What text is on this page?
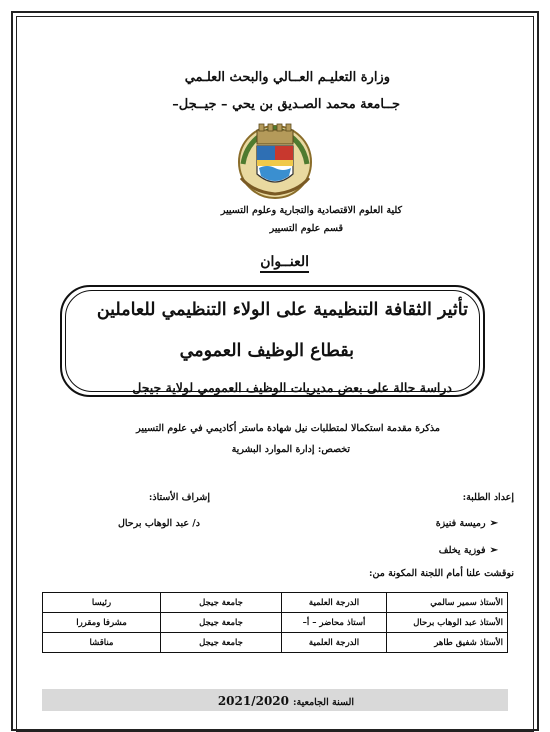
وزارة التعليـم العــالي والبحث العلـمي
جــامعة محمد الصـديق بن يحي – جيــجل–
كلية العلوم الاقتصادية والتجارية وعلوم التسيير
قسم علوم التسيير
العنــوان
تأثير الثقافة التنظيمية على الولاء التنظيمي للعاملين
بقطاع الوظيف العمومي
دراسة حالة على بعض مديريات الوظيف العمومي لولاية جيجل
مذكرة مقدمة استكمالا لمتطلبات نيل شهادة ماستر أكاديمي في علوم التسيير
تخصص: إدارة الموارد البشرية
إعداد الطلبة:
إشراف الأستاذ:
➢رميسة فنيزة
➢فوزية يخلف
د/ عبد الوهاب برحال
نوقشت علنا أمام اللجنة المكونة من:
الأستاذ سمير سالمي	الدرجة العلمية	جامعة جيجل	رئيسا
الأستاذ عبد الوهاب برحال	أستاذ محاضر – أ–	جامعة جيجل	مشرفا ومقررا
الأستاذ شفيق طاهر	الدرجة العلمية	جامعة جيجل	مناقشا
السنة الجامعية:2021/2020
